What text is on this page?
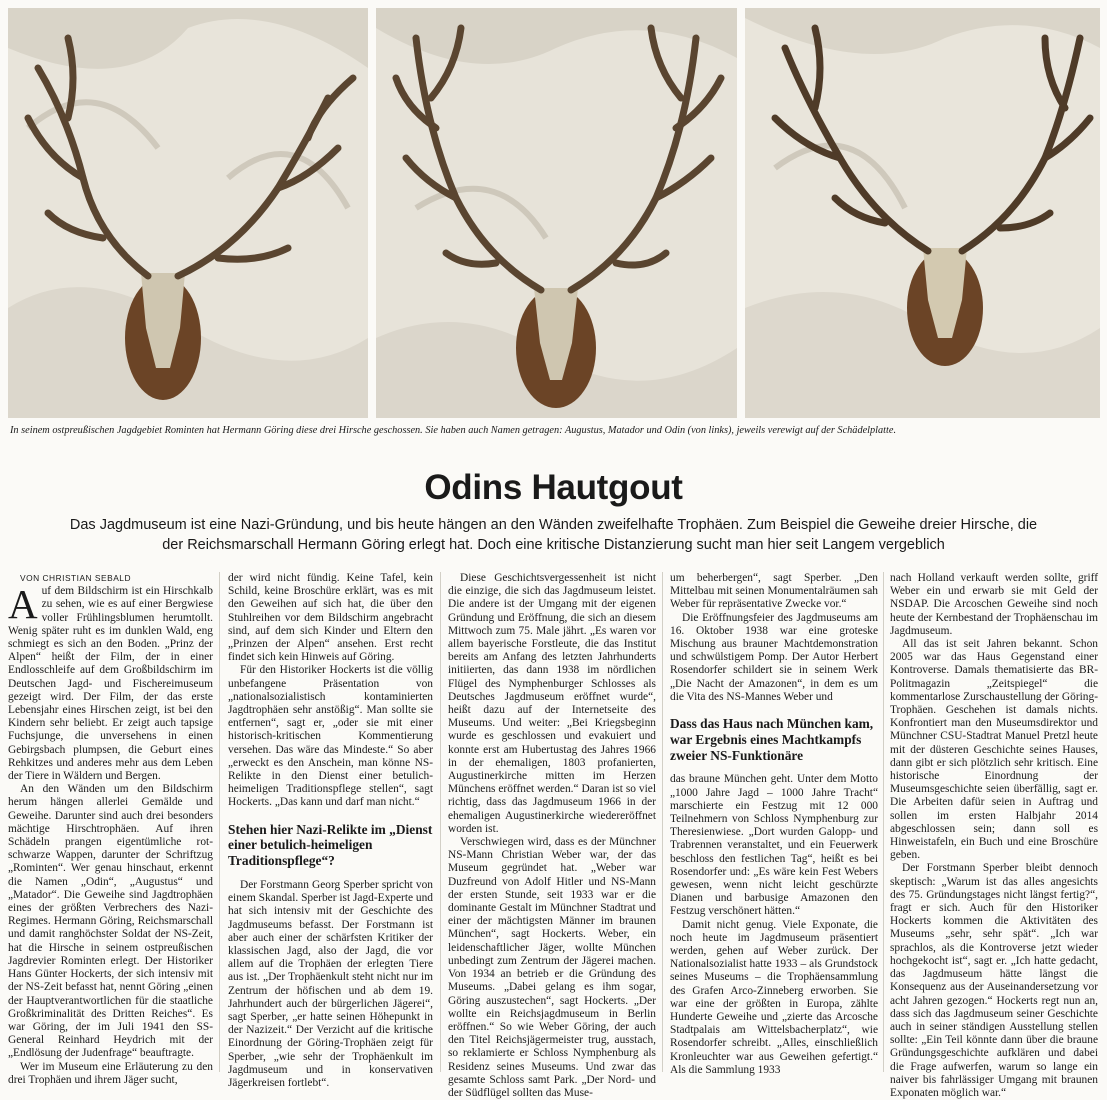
In seinem ostpreußischen Jagdgebiet Rominten hat Hermann Göring diese drei Hirsche geschossen. Sie haben auch Namen getragen: Augustus, Matador und Odin (von links), jeweils verewigt auf der Schädelplatte.
Odins Hautgout
Das Jagdmuseum ist eine Nazi-Gründung, und bis heute hängen an den Wänden zweifelhafte Trophäen. Zum Beispiel die Geweihe dreier Hirsche, die der Reichsmarschall Hermann Göring erlegt hat. Doch eine kritische Distanzierung sucht man hier seit Langem vergeblich

VON CHRISTIAN SEBALD

Auf dem Bildschirm ist ein Hirschkalb zu sehen, wie es auf einer Bergwiese voller Frühlingsblumen herumtollt. Wenig später ruht es im dunklen Wald, eng schmiegt es sich an den Boden. „Prinz der Alpen“ heißt der Film, der in einer Endlosschleife auf dem Großbildschirm im Deutschen Jagd- und Fischereimuseum gezeigt wird. Der Film, der das erste Lebensjahr eines Hirschen zeigt, ist bei den Kindern sehr beliebt. Er zeigt auch tapsige Fuchsjunge, die unversehens in einen Gebirgsbach plumpsen, die Geburt eines Rehkitzes und anderes mehr aus dem Leben der Tiere in Wäldern und Bergen.

An den Wänden um den Bildschirm herum hängen allerlei Gemälde und Geweihe. Darunter sind auch drei besonders mächtige Hirschtrophäen. Auf ihren Schädeln prangen eigentümliche rot-schwarze Wappen, darunter der Schriftzug „Rominten“. Wer genau hinschaut, erkennt die Namen „Odin“, „Augustus“ und „Matador“. Die Geweihe sind Jagdtrophäen eines der größten Verbrechers des Nazi-Regimes. Hermann Göring, Reichsmarschall und damit ranghöchster Soldat der NS-Zeit, hat die Hirsche in seinem ostpreußischen Jagdrevier Rominten erlegt. Der Historiker Hans Günter Hockerts, der sich intensiv mit der NS-Zeit befasst hat, nennt Göring „einen der Hauptverantwortlichen für die staatliche Großkriminalität des Dritten Reiches“. Es war Göring, der im Juli 1941 den SS-General Reinhard Heydrich mit der „Endlösung der Judenfrage“ beauftragte.

Wer im Museum eine Erläuterung zu den drei Trophäen und ihrem Jäger sucht,

der wird nicht fündig. Keine Tafel, kein Schild, keine Broschüre erklärt, was es mit den Geweihen auf sich hat, die über den Stuhlreihen vor dem Bildschirm angebracht sind, auf dem sich Kinder und Eltern den „Prinzen der Alpen“ ansehen. Erst recht findet sich kein Hinweis auf Göring.

Für den Historiker Hockerts ist die völlig unbefangene Präsentation von „nationalsozialistisch kontaminierten Jagdtrophäen sehr anstößig“. Man sollte sie entfernen“, sagt er, „oder sie mit einer historisch-kritischen Kommentierung versehen. Das wäre das Mindeste.“ So aber „erweckt es den Anschein, man könne NS-Relikte in den Dienst einer betulich-heimeligen Traditionspflege stellen“, sagt Hockerts. „Das kann und darf man nicht.“

Stehen hier Nazi-Relikte im „Dienst einer betulich-heimeligen Traditionspflege“?

Der Forstmann Georg Sperber spricht von einem Skandal. Sperber ist Jagd-Experte und hat sich intensiv mit der Geschichte des Jagdmuseums befasst. Der Forstmann ist aber auch einer der schärfsten Kritiker der klassischen Jagd, also der Jagd, die vor allem auf die Trophäen der erlegten Tiere aus ist. „Der Trophäenkult steht nicht nur im Zentrum der höfischen und ab dem 19. Jahrhundert auch der bürgerlichen Jägerei“, sagt Sperber, „er hatte seinen Höhepunkt in der Nazizeit.“ Der Verzicht auf die kritische Einordnung der Göring-Trophäen zeigt für Sperber, „wie sehr der Trophäenkult im Jagdmuseum und in konservativen Jägerkreisen fortlebt“.

Diese Geschichtsvergessenheit ist nicht die einzige, die sich das Jagdmuseum leistet. Die andere ist der Umgang mit der eigenen Gründung und Eröffnung, die sich an diesem Mittwoch zum 75. Male jährt. „Es waren vor allem bayerische Forstleute, die das Institut bereits am Anfang des letzten Jahrhunderts initiierten, das dann 1938 im nördlichen Flügel des Nymphenburger Schlosses als Deutsches Jagdmuseum eröffnet wurde“, heißt dazu auf der Internetseite des Museums. Und weiter: „Bei Kriegsbeginn wurde es geschlossen und evakuiert und konnte erst am Hubertustag des Jahres 1966 in der ehemaligen, 1803 profanierten, Augustinerkirche mitten im Herzen Münchens eröffnet werden.“ Daran ist so viel richtig, dass das Jagdmuseum 1966 in der ehemaligen Augustinerkirche wiedereröffnet worden ist.

Verschwiegen wird, dass es der Münchner NS-Mann Christian Weber war, der das Museum gegründet hat. „Weber war Duzfreund von Adolf Hitler und NS-Mann der ersten Stunde, seit 1933 war er die dominante Gestalt im Münchner Stadtrat und einer der mächtigsten Männer im braunen München“, sagt Hockerts. Weber, ein leidenschaftlicher Jäger, wollte München unbedingt zum Zentrum der Jägerei machen. Von 1934 an betrieb er die Gründung des Museums. „Dabei gelang es ihm sogar, Göring auszustechen“, sagt Hockerts. „Der wollte ein Reichsjagdmuseum in Berlin eröffnen.“ So wie Weber Göring, der auch den Titel Reichsjägermeister trug, ausstach, so reklamierte er Schloss Nymphenburg als Residenz seines Museums. Und zwar das gesamte Schloss samt Park. „Der Nord- und der Südflügel sollten das Muse-

um beherbergen“, sagt Sperber. „Den Mittelbau mit seinen Monumentalräumen sah Weber für repräsentative Zwecke vor.“

Die Eröffnungsfeier des Jagdmuseums am 16. Oktober 1938 war eine groteske Mischung aus brauner Machtdemonstration und schwülstigem Pomp. Der Autor Herbert Rosendorfer schildert sie in seinem Werk „Die Nacht der Amazonen“, in dem es um die Vita des NS-Mannes Weber und

Dass das Haus nach München kam, war Ergebnis eines Machtkampfs zweier NS-Funktionäre

das braune München geht. Unter dem Motto „1000 Jahre Jagd – 1000 Jahre Tracht“ marschierte ein Festzug mit 12 000 Teilnehmern von Schloss Nymphenburg zur Theresienwiese. „Dort wurden Galopp- und Trabrennen veranstaltet, und ein Feuerwerk beschloss den festlichen Tag“, heißt es bei Rosendorfer und: „Es wäre kein Fest Webers gewesen, wenn nicht leicht geschürzte Dianen und barbusige Amazonen den Festzug verschönert hätten.“

Damit nicht genug. Viele Exponate, die noch heute im Jagdmuseum präsentiert werden, gehen auf Weber zurück. Der Nationalsozialist hatte 1933 – als Grundstock seines Museums – die Trophäensammlung des Grafen Arco-Zinneberg erworben. Sie war eine der größten in Europa, zählte Hunderte Geweihe und „zierte das Arcosche Stadtpalais am Wittelsbacherplatz“, wie Rosendorfer schreibt. „Alles, einschließlich Kronleuchter war aus Geweihen gefertigt.“ Als die Sammlung 1933

nach Holland verkauft werden sollte, griff Weber ein und erwarb sie mit Geld der NSDAP. Die Arcoschen Geweihe sind noch heute der Kernbestand der Trophäenschau im Jagdmuseum.

All das ist seit Jahren bekannt. Schon 2005 war das Haus Gegenstand einer Kontroverse. Damals thematisierte das BR-Politmagazin „Zeitspiegel“ die kommentarlose Zurschaustellung der Göring-Trophäen. Geschehen ist damals nichts. Konfrontiert man den Museumsdirektor und Münchner CSU-Stadtrat Manuel Pretzl heute mit der düsteren Geschichte seines Hauses, dann gibt er sich plötzlich sehr kritisch. Eine historische Einordnung der Museumsgeschichte seien überfällig, sagt er. Die Arbeiten dafür seien in Auftrag und sollen im ersten Halbjahr 2014 abgeschlossen sein; dann soll es Hinweistafeln, ein Buch und eine Broschüre geben.

Der Forstmann Sperber bleibt dennoch skeptisch: „Warum ist das alles angesichts des 75. Gründungstages nicht längst fertig?“, fragt er sich. Auch für den Historiker Hockerts kommen die Aktivitäten des Museums „sehr, sehr spät“. „Ich war sprachlos, als die Kontroverse jetzt wieder hochgekocht ist“, sagt er. „Ich hatte gedacht, das Jagdmuseum hätte längst die Konsequenz aus der Auseinandersetzung vor acht Jahren gezogen.“ Hockerts regt nun an, dass sich das Jagdmuseum seiner Geschichte auch in seiner ständigen Ausstellung stellen sollte: „Ein Teil könnte dann über die braune Gründungsgeschichte aufklären und dabei die Frage aufwerfen, warum so lange ein naiver bis fahrlässiger Umgang mit braunen Exponaten möglich war.“
